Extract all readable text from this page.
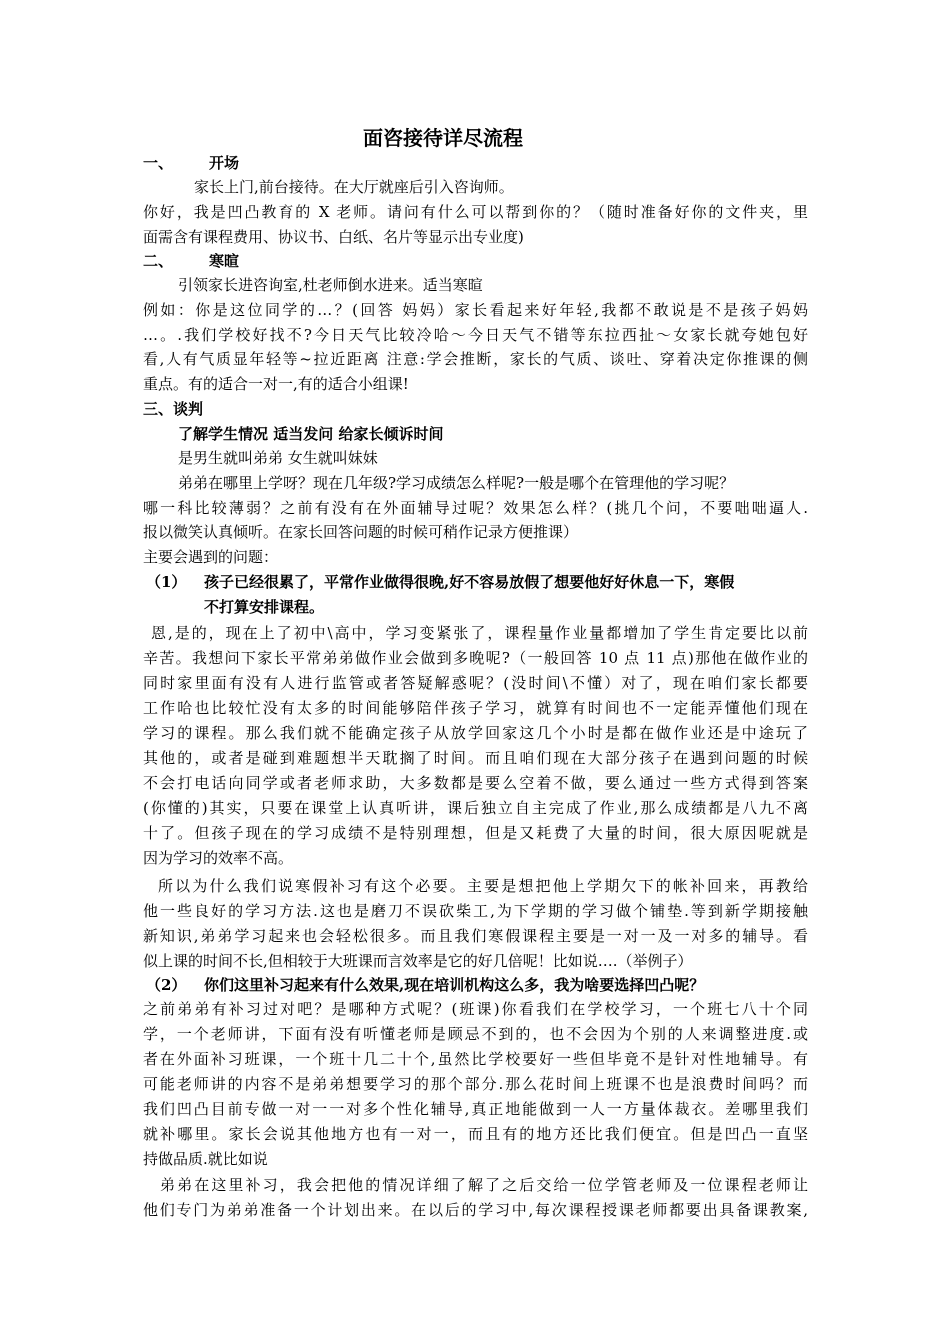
面咨接待详尽流程
一、 开场
家长上门,前台接待。在大厅就座后引入咨询师。
你好，我是凹凸教育的 X 老师。请问有什么可以帮到你的？（随时准备好你的文件夹，里
面需含有课程费用、协议书、白纸、名片等显示出专业度)
二、 寒暄
引领家长进咨询室,杜老师倒水进来。适当寒暄
例如：你是这位同学的…？(回答 妈妈）家长看起来好年轻,我都不敢说是不是孩子妈妈
…。.我们学校好找不?今日天气比较冷哈～今日天气不错等东拉西扯～女家长就夸她包好
看,人有气质显年轻等~拉近距离 注意:学会推断，家长的气质、谈吐、穿着决定你推课的侧
重点。有的适合一对一,有的适合小组课!
三、谈判
了解学生情况 适当发问 给家长倾诉时间
是男生就叫弟弟 女生就叫妹妹
弟弟在哪里上学呀？现在几年级?学习成绩怎么样呢?一般是哪个在管理他的学习呢？
哪一科比较薄弱？之前有没有在外面辅导过呢？效果怎么样？(挑几个问，不要咄咄逼人.
报以微笑认真倾听。在家长回答问题的时候可稍作记录方便推课）
主要会遇到的问题：
（1） 孩子已经很累了，平常作业做得很晚,好不容易放假了想要他好好休息一下，寒假
不打算安排课程。
恩,是的，现在上了初中\高中，学习变紧张了，课程量作业量都增加了学生肯定要比以前
辛苦。我想问下家长平常弟弟做作业会做到多晚呢?（一般回答 10 点 11 点)那他在做作业的
同时家里面有没有人进行监管或者答疑解惑呢？(没时间\不懂）对了，现在咱们家长都要
工作哈也比较忙没有太多的时间能够陪伴孩子学习，就算有时间也不一定能弄懂他们现在
学习的课程。那么我们就不能确定孩子从放学回家这几个小时是都在做作业还是中途玩了
其他的，或者是碰到难题想半天耽搁了时间。而且咱们现在大部分孩子在遇到问题的时候
不会打电话向同学或者老师求助，大多数都是要么空着不做，要么通过一些方式得到答案
(你懂的)其实，只要在课堂上认真听讲，课后独立自主完成了作业,那么成绩都是八九不离
十了。但孩子现在的学习成绩不是特别理想，但是又耗费了大量的时间，很大原因呢就是
因为学习的效率不高。
所以为什么我们说寒假补习有这个必要。主要是想把他上学期欠下的帐补回来，再教给
他一些良好的学习方法.这也是磨刀不误砍柴工,为下学期的学习做个铺垫.等到新学期接触
新知识,弟弟学习起来也会轻松很多。而且我们寒假课程主要是一对一及一对多的辅导。看
似上课的时间不长,但相较于大班课而言效率是它的好几倍呢！比如说….（举例子）
（2） 你们这里补习起来有什么效果,现在培训机构这么多，我为啥要选择凹凸呢？
之前弟弟有补习过对吧？是哪种方式呢？(班课)你看我们在学校学习，一个班七八十个同
学，一个老师讲，下面有没有听懂老师是顾忌不到的，也不会因为个别的人来调整进度.或
者在外面补习班课，一个班十几二十个,虽然比学校要好一些但毕竟不是针对性地辅导。有
可能老师讲的内容不是弟弟想要学习的那个部分.那么花时间上班课不也是浪费时间吗？而
我们凹凸目前专做一对一一对多个性化辅导,真正地能做到一人一方量体裁衣。差哪里我们
就补哪里。家长会说其他地方也有一对一，而且有的地方还比我们便宜。但是凹凸一直坚
持做品质.就比如说
弟弟在这里补习，我会把他的情况详细了解了之后交给一位学管老师及一位课程老师让
他们专门为弟弟准备一个计划出来。在以后的学习中,每次课程授课老师都要出具备课教案,
